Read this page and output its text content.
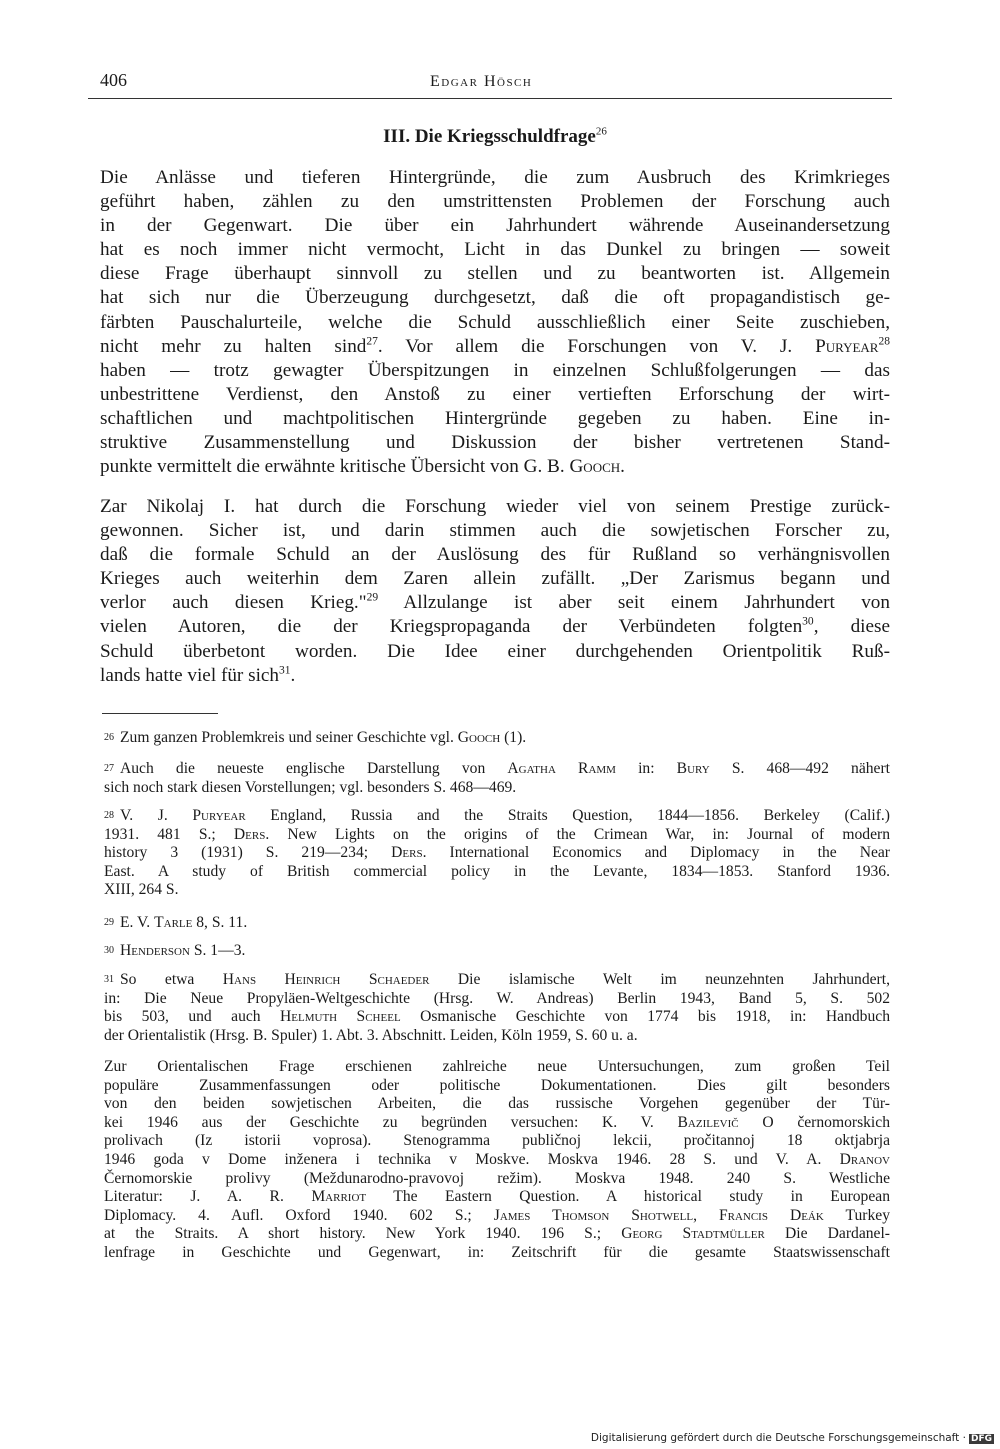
406	Edgar Hösch
III. Die Kriegsschuldfrage$^{26}$
Die Anlässe und tieferen Hintergründe, die zum Ausbruch des Krimkrieges
geführt haben, zählen zu den umstrittensten Problemen der Forschung auch
in der Gegenwart. Die über ein Jahrhundert währende Auseinandersetzung
hat es noch immer nicht vermocht, Licht in das Dunkel zu bringen — soweit
diese Frage überhaupt sinnvoll zu stellen und zu beantworten ist. Allgemein
hat sich nur die Überzeugung durchgesetzt, daß die oft propagandistisch ge-
färbten Pauschalurteile, welche die Schuld ausschließlich einer Seite zuschieben,
nicht mehr zu halten sind$^{27}$. Vor allem die Forschungen von V. J. Puryear$^{28}$
haben — trotz gewagter Überspitzungen in einzelnen Schlußfolgerungen — das
unbestrittene Verdienst, den Anstoß zu einer vertieften Erforschung der wirt-
schaftlichen und machtpolitischen Hintergründe gegeben zu haben. Eine in-
struktive Zusammenstellung und Diskussion der bisher vertretenen Stand-
punkte vermittelt die erwähnte kritische Übersicht von G. B. Gooch.
Zar Nikolaj I. hat durch die Forschung wieder viel von seinem Prestige zurück-
gewonnen. Sicher ist, und darin stimmen auch die sowjetischen Forscher zu,
daß die formale Schuld an der Auslösung des für Rußland so verhängnisvollen
Krieges auch weiterhin dem Zaren allein zufällt. „Der Zarismus begann und
verlor auch diesen Krieg."$^{29}$ Allzulange ist aber seit einem Jahrhundert von
vielen Autoren, die der Kriegspropaganda der Verbündeten folgten$^{30}$, diese
Schuld überbetont worden. Die Idee einer durchgehenden Orientpolitik Ruß-
lands hatte viel für sich$^{31}$.
$^{26}$ Zum ganzen Problemkreis und seiner Geschichte vgl. Gooch (1).
$^{27}$ Auch die neueste englische Darstellung von Agatha Ramm in: Bury S. 468—492 nähert
sich noch stark diesen Vorstellungen; vgl. besonders S. 468—469.
$^{28}$ V. J. Puryear England, Russia and the Straits Question, 1844—1856. Berkeley (Calif.)
1931. 481 S.; Ders. New Lights on the origins of the Crimean War, in: Journal of modern
history 3 (1931) S. 219—234; Ders. International Economics and Diplomacy in the Near
East. A study of British commercial policy in the Levante, 1834—1853. Stanford 1936.
XIII, 264 S.
$^{29}$ E. V. Tarle 8, S. 11.
$^{30}$ Henderson S. 1—3.
$^{31}$ So etwa Hans Heinrich Schaeder Die islamische Welt im neunzehnten Jahrhundert,
in: Die Neue Propyläen-Weltgeschichte (Hrsg. W. Andreas) Berlin 1943, Band 5, S. 502
bis 503, und auch Helmuth Scheel Osmanische Geschichte von 1774 bis 1918, in: Handbuch
der Orientalistik (Hrsg. B. Spuler) 1. Abt. 3. Abschnitt. Leiden, Köln 1959, S. 60 u. a.
Zur Orientalischen Frage erschienen zahlreiche neue Untersuchungen, zum großen Teil
populäre Zusammenfassungen oder politische Dokumentationen. Dies gilt besonders
von den beiden sowjetischen Arbeiten, die das russische Vorgehen gegenüber der Tür-
kei 1946 aus der Geschichte zu begründen versuchen: K. V. Bazilevič O černomorskich
prolivach (Iz istorii voprosa). Stenogramma publičnoj lekcii, pročitannoj 18 oktjabrja
1946 goda v Dome inženera i technika v Moskve. Moskva 1946. 28 S. und V. A. Dranov
Černomorskie prolivy (Meždunarodno-pravovoj režim). Moskva 1948. 240 S. Westliche
Literatur: J. A. R. Marriot The Eastern Question. A historical study in European
Diplomacy. 4. Aufl. Oxford 1940. 602 S.; James Thomson Shotwell, Francis Deák Turkey
at the Straits. A short history. New York 1940. 196 S.; Georg Stadtmüller Die Dardanel-
lenfrage in Geschichte und Gegenwart, in: Zeitschrift für die gesamte Staatswissenschaft
Digitalisierung gefördert durch die Deutsche Forschungsgemeinschaft · DFG
